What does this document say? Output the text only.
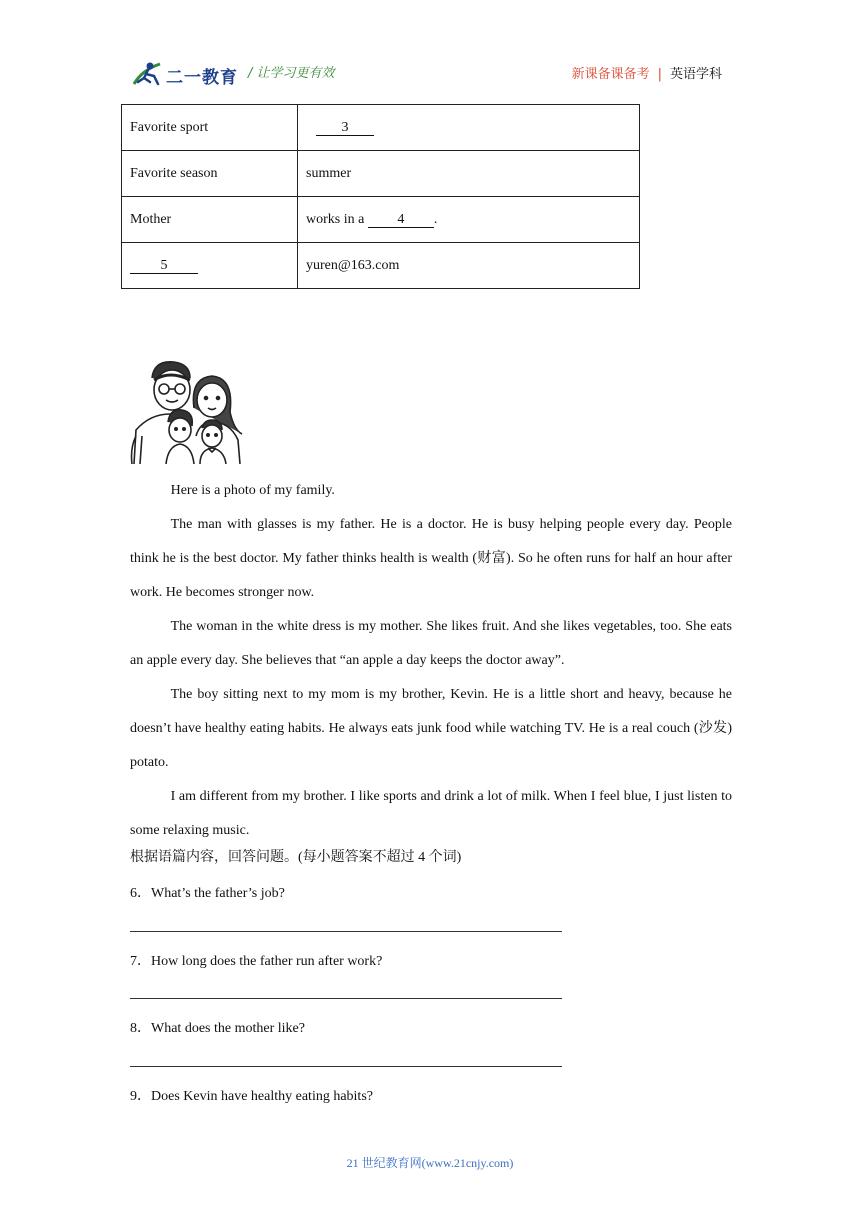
二一教育 / 让学习更有效	新课备课备考 | 英语学科
Favorite sport	3
Favorite season	summer
Mother	works in a 4 .
5	yuren@163.com

Here is a photo of my family.

The man with glasses is my father. He is a doctor. He is busy helping people every day. People think he is the best doctor. My father thinks health is wealth (财富). So he often runs for half an hour after work. He becomes stronger now.

The woman in the white dress is my mother. She likes fruit. And she likes vegetables, too. She eats an apple every day. She believes that “an apple a day keeps the doctor away”.

The boy sitting next to my mom is my brother, Kevin. He is a little short and heavy, because he doesn’t have healthy eating habits. He always eats junk food while watching TV. He is a real couch (沙发) potato.

I am different from my brother. I like sports and drink a lot of milk. When I feel blue, I just listen to some relaxing music.

根据语篇内容，回答问题。(每小题答案不超过 4 个词)
6．What’s the father’s job?
7．How long does the father run after work?
8．What does the mother like?
9．Does Kevin have healthy eating habits?
21 世纪教育网(www.21cnjy.com)
